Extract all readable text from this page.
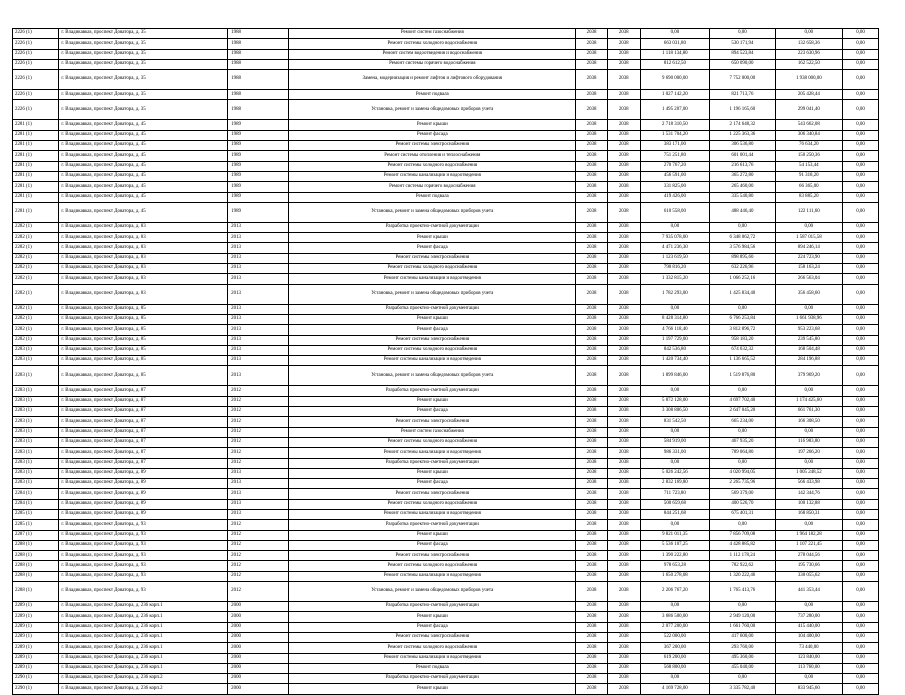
2226 (1)	г. Владикавказ, проспект Доватора, д. 35	1988	Ремонт систем газоснабжения	2038	2038	0,00	0,00	0,00	0,00
2226 (1)	г. Владикавказ, проспект Доватора, д. 35	1988	Ремонт системы холодного водоснабжения	2038	2038	663 031,80	530 171,94	132 658,36	0,00
2226 (1)	г. Владикавказ, проспект Доватора, д. 35	1988	Ремонт систем водоотведения и водоснабжения	2038	2038	1 118 134,80	894 523,84	223 630,96	0,00
2226 (1)	г. Владикавказ, проспект Доватора, д. 35	1988	Ремонт системы горячего водоснабжения	2038	2038	812 612,50	650 090,00	162 522,50	0,00
2226 (1)	г. Владикавказ, проспект Доватора, д. 35	1988	Замена, модернизация и ремонт лифтов и лифтового оборудования	2038	2038	9 690 000,00	7 752 000,00	1 938 000,00	0,00
2226 (1)	г. Владикавказ, проспект Доватора, д. 35	1988	Ремонт подвала	2038	2038	1 027 142,20	821 713,76	205 428,44	0,00
2226 (1)	г. Владикавказ, проспект Доватора, д. 35	1988	Установка, ремонт и замена общедомовых приборов учета	2038	2038	1 495 207,00	1 196 165,60	299 041,40	0,00
2281 (1)	г. Владикавказ, проспект Доватора, д. 45	1989	Ремонт крыши	2038	2038	2 718 310,50	2 174 648,32	543 662,08	0,00
2281 (1)	г. Владикавказ, проспект Доватора, д. 45	1989	Ремонт фасада	2038	2038	1 531 704,20	1 225 363,36	306 340,84	0,00
2281 (1)	г. Владикавказ, проспект Доватора, д. 45	1989	Ремонт системы электроснабжения	2038	2038	383 171,00	306 536,80	76 634,20	0,00
2281 (1)	г. Владикавказ, проспект Доватора, д. 45	1989	Ремонт системы отопления и теплоснабжения	2038	2038	751 251,80	601 001,44	150 250,36	0,00
2281 (1)	г. Владикавказ, проспект Доватора, д. 45	1989	Ремонт системы холодного водоснабжения	2038	2038	270 767,20	216 613,76	54 153,44	0,00
2281 (1)	г. Владикавказ, проспект Доватора, д. 45	1989	Ремонт системы канализации и водоотведения	2038	2038	456 591,00	365 272,80	91 318,20	0,00
2281 (1)	г. Владикавказ, проспект Доватора, д. 45	1989	Ремонт системы горячего водоснабжения	2038	2038	331 825,00	265 460,00	66 365,00	0,00
2281 (1)	г. Владикавказ, проспект Доватора, д. 45	1989	Ремонт подвала	2038	2038	419 426,00	335 540,80	83 885,20	0,00
2281 (1)	г. Владикавказ, проспект Доватора, д. 45	1989	Установка, ремонт и замена общедомовых приборов учета	2038	2038	610 558,00	488 446,40	122 111,60	0,00
2282 (1)	г. Владикавказ, проспект Доватора, д. 83	2013	Разработка проектно-сметной документации	2038	2038	0,00	0,00	0,00	0,00
2282 (1)	г. Владикавказ, проспект Доватора, д. 83	2013	Ремонт крыши	2038	2038	7 935 078,00	6 348 062,72	1 587 015,58	0,00
2282 (1)	г. Владикавказ, проспект Доватора, д. 83	2013	Ремонт фасада	2038	2038	4 471 236,30	3 576 984,56	894 246,14	0,00
2282 (1)	г. Владикавказ, проспект Доватора, д. 83	2013	Ремонт системы электроснабжения	2038	2038	1 123 619,50	898 895,60	224 723,90	0,00
2282 (1)	г. Владикавказ, проспект Доватора, д. 83	2013	Ремонт системы холодного водоснабжения	2038	2038	790 816,20	632 226,96	158 163,24	0,00
2282 (1)	г. Владикавказ, проспект Доватора, д. 83	2013	Ремонт системы канализации и водоотведения	2038	2038	1 332 815,20	1 066 252,16	266 563,04	0,00
2282 (1)	г. Владикавказ, проспект Доватора, д. 83	2013	Установка, ремонт и замена общедомовых приборов учета	2038	2038	1 782 293,00	1 425 834,40	356 458,60	0,00
2282 (1)	г. Владикавказ, проспект Доватора, д. 85	2013	Разработка проектно-сметной документации	2038	2038	0,00	0,00	0,00	0,00
2282 (1)	г. Владикавказ, проспект Доватора, д. 85	2013	Ремонт крыши	2038	2038	8 428 314,80	6 766 253,84	1 661 938,96	0,00
2282 (1)	г. Владикавказ, проспект Доватора, д. 85	2013	Ремонт фасада	2038	2038	4 766 118,40	3 812 896,72	953 223,68	0,00
2282 (1)	г. Владикавказ, проспект Доватора, д. 85	2013	Ремонт системы электроснабжения	2038	2038	1 197 729,00	958 183,20	239 545,80	0,00
2283 (1)	г. Владикавказ, проспект Доватора, д. 85	2013	Ремонт системы холодного водоснабжения	2038	2038	842 536,80	674 032,32	168 504,48	0,00
2283 (1)	г. Владикавказ, проспект Доватора, д. 85	2013	Ремонт системы канализации и водоотведения	2038	2038	1 420 734,40	1 136 665,52	284 196,88	0,00
2283 (1)	г. Владикавказ, проспект Доватора, д. 85	2013	Установка, ремонт и замена общедомовых приборов учета	2038	2038	1 899 846,00	1 519 876,80	379 969,20	0,00
2283 (1)	г. Владикавказ, проспект Доватора, д. 87	2012	Разработка проектно-сметной документации	2038	2038	0,00	0,00	0,00	0,00
2283 (1)	г. Владикавказ, проспект Доватора, д. 87	2012	Ремонт крыши	2038	2038	5 872 128,00	4 697 702,40	1 174 425,60	0,00
2283 (1)	г. Владикавказ, проспект Доватора, д. 87	2012	Ремонт фасада	2038	2038	3 308 806,50	2 647 045,20	661 761,30	0,00
2283 (1)	г. Владикавказ, проспект Доватора, д. 87	2012	Ремонт системы электроснабжения	2038	2038	831 542,50	665 234,00	166 308,50	0,00
2283 (1)	г. Владикавказ, проспект Доватора, д. 87	2012	Ремонт систем газоснабжения	2038	2038	0,00	0,00	0,00	0,00
2283 (1)	г. Владикавказ, проспект Доватора, д. 87	2012	Ремонт системы холодного водоснабжения	2038	2038	584 919,00	467 935,20	116 983,80	0,00
2283 (1)	г. Владикавказ, проспект Доватора, д. 87	2012	Ремонт системы канализации и водоотведения	2038	2038	986 331,00	789 064,80	197 266,20	0,00
2283 (1)	г. Владикавказ, проспект Доватора, д. 87	2012	Разработка проектно-сметной документации	2038	2038	0,00	0,00	0,00	0,00
2283 (1)	г. Владикавказ, проспект Доватора, д. 89	2013	Ремонт крыши	2038	2038	5 026 242,56	4 020 994,05	1 005 248,52	0,00
2283 (1)	г. Владикавказ, проспект Доватора, д. 89	2013	Ремонт фасада	2038	2038	2 832 169,80	2 265 735,96	566 433,98	0,00
2284 (1)	г. Владикавказ, проспект Доватора, д. 89	2013	Ремонт системы электроснабжения	2038	2038	711 723,80	569 379,00	142 344,76	0,00
2284 (1)	г. Владикавказ, проспект Доватора, д. 89	2013	Ремонт системы холодного водоснабжения	2038	2038	500 659,68	400 526,70	100 132,88	0,00
2285 (1)	г. Владикавказ, проспект Доватора, д. 89	2013	Ремонт системы канализации и водоотведения	2038	2038	844 251,68	675 401,31	168 850,31	0,00
2285 (1)	г. Владикавказ, проспект Доватора, д. 93	2012	Разработка проектно-сметной документации	2038	2038	0,00	0,00	0,00	0,00
2287 (1)	г. Владикавказ, проспект Доватора, д. 93	2012	Ремонт крыши	2038	2038	9 821 011,35	7 856 709,08	1 964 182,28	0,00
2288 (1)	г. Владикавказ, проспект Доватора, д. 93	2012	Ремонт фасада	2038	2038	5 536 107,25	4 428 885,82	1 107 221,45	0,00
2288 (1)	г. Владикавказ, проспект Доватора, д. 93	2012	Ремонт системы электроснабжения	2038	2038	1 390 222,80	1 112 178,24	278 044,56	0,00
2288 (1)	г. Владикавказ, проспект Доватора, д. 93	2012	Ремонт системы холодного водоснабжения	2038	2038	978 653,28	782 922,62	195 730,66	0,00
2288 (1)	г. Владикавказ, проспект Доватора, д. 93	2012	Ремонт системы канализации и водоотведения	2038	2038	1 650 278,08	1 320 222,46	330 055,62	0,00
2288 (1)	г. Владикавказ, проспект Доватора, д. 93	2012	Установка, ремонт и замена общедомовых приборов учета	2038	2038	2 206 767,20	1 765 413,76	441 353,44	0,00
2289 (1)	г. Владикавказ, проспект Доватора, д. 236 корп.1	2000	Разработка проектно-сметной документации	2038	2038	0,00	0,00	0,00	0,00
2289 (1)	г. Владикавказ, проспект Доватора, д. 236 корп.1	2000	Ремонт крыши	2038	2038	3 686 500,00	2 949 120,00	737 280,00	0,00
2289 (1)	г. Владикавказ, проспект Доватора, д. 236 корп.1	2000	Ремонт фасада	2038	2038	2 077 200,00	1 661 760,00	415 440,00	0,00
2289 (1)	г. Владикавказ, проспект Доватора, д. 236 корп.1	2000	Ремонт системы электроснабжения	2038	2038	522 000,00	417 600,00	104 400,00	0,00
2289 (1)	г. Владикавказ, проспект Доватора, д. 236 корп.1	2000	Ремонт системы холодного водоснабжения	2038	2038	367 200,00	293 760,00	73 440,00	0,00
2289 (1)	г. Владикавказ, проспект Доватора, д. 236 корп.1	2000	Ремонт системы канализации и водоотведения	2038	2038	619 200,00	495 360,00	123 840,00	0,00
2289 (1)	г. Владикавказ, проспект Доватора, д. 236 корп.1	2000	Ремонт подвала	2038	2038	568 800,00	455 040,00	113 760,00	0,00
2290 (1)	г. Владикавказ, проспект Доватора, д. 236 корп.2	2000	Разработка проектно-сметной документации	2038	2038	0,00	0,00	0,00	0,00
2290 (1)	г. Владикавказ, проспект Доватора, д. 236 корп.2	2000	Ремонт крыши	2038	2038	4 169 728,00	3 335 782,40	833 945,60	0,00
